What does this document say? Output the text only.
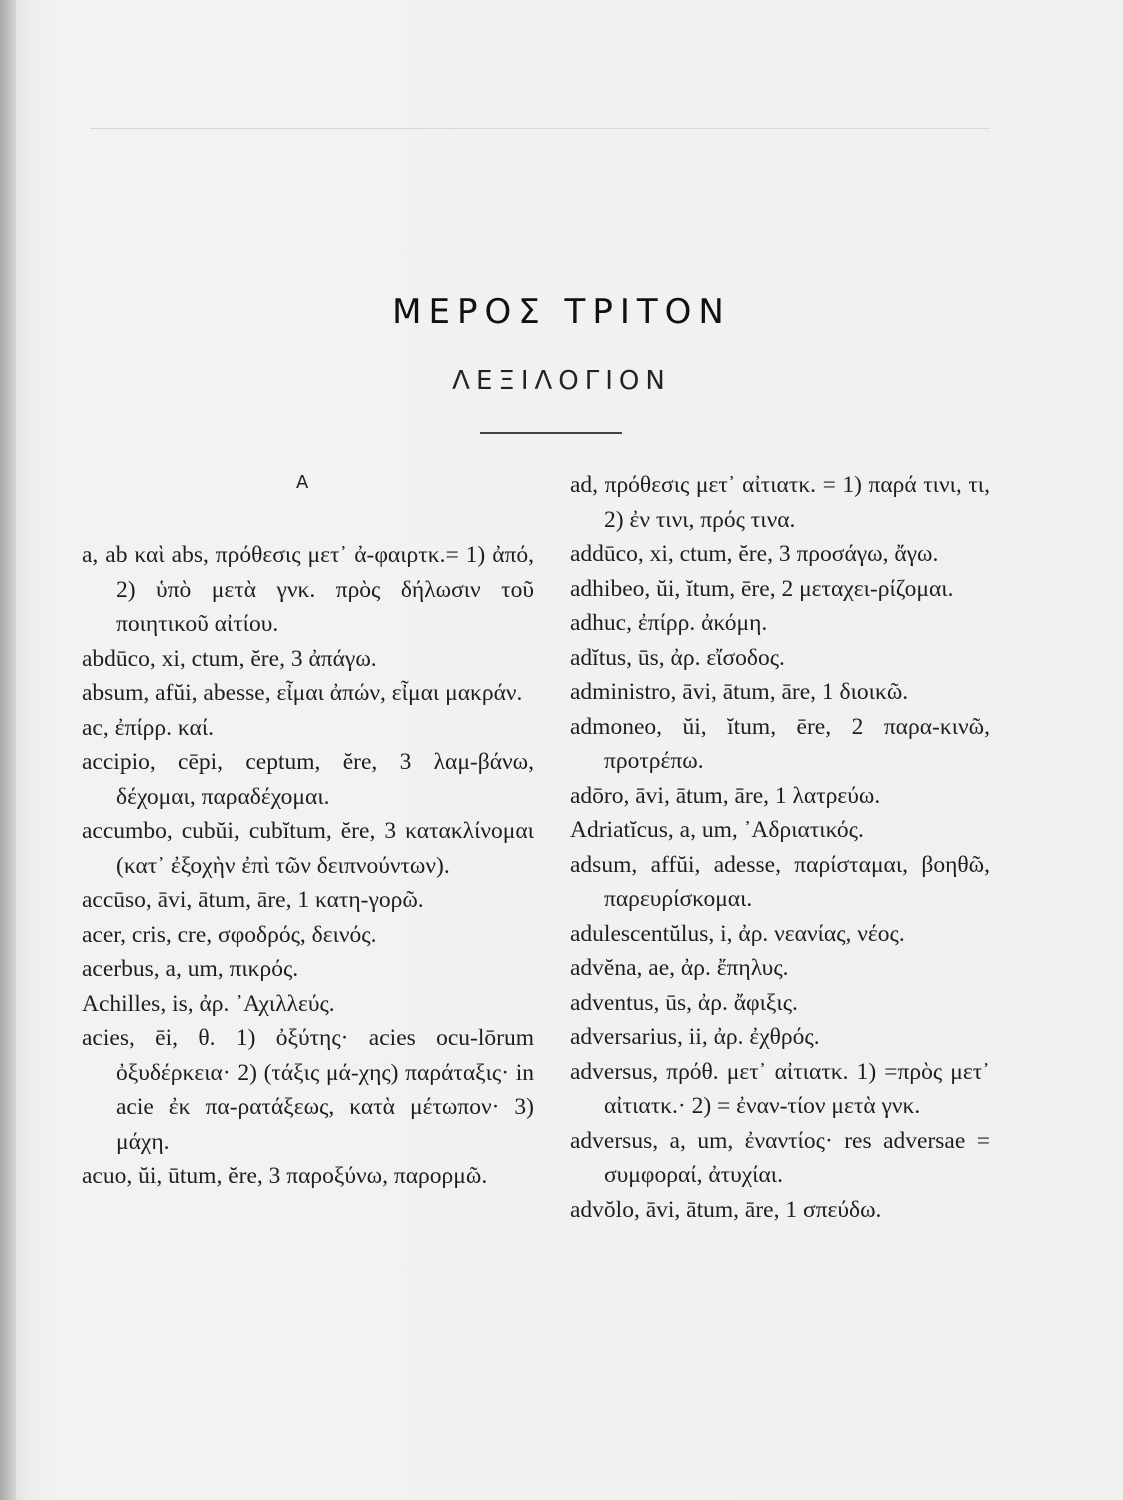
ΜΕΡΟΣ ΤΡΙΤΟΝ
ΛΕΞΙΛΟΓΙΟΝ
Α

a, ab καὶ abs, πρόθεσις μετ᾽ ἀ-φαιρτκ.= 1) ἀπό, 2) ὑπὸ μετὰ γνκ. πρὸς δήλωσιν τοῦ ποιητικοῦ αἰτίου.

abdūco, xi, ctum, ĕre, 3 ἀπάγω.

absum, afŭi, abesse, εἶμαι ἀπών, εἶμαι μακράν.

ac, ἐπίρρ. καί.

accipio, cēpi, ceptum, ĕre, 3 λαμ-βάνω, δέχομαι, παραδέχομαι.

accumbo, cubŭi, cubĭtum, ĕre, 3 κατακλίνομαι (κατ᾽ ἐξοχὴν ἐπὶ τῶν δειπνούντων).

accūso, āvi, ātum, āre, 1 κατη-γορῶ.

acer, cris, cre, σφοδρός, δεινός.

acerbus, a, um, πικρός.

Achilles, is, ἀρ. ᾿Αχιλλεύς.

acies, ēi, θ. 1) ὀξύτης· acies ocu-lōrum ὀξυδέρκεια· 2) (τάξις μά-χης) παράταξις· in acie ἐκ πα-ρατάξεως, κατὰ μέτωπον· 3) μάχη.

acuo, ŭi, ūtum, ĕre, 3 παροξύνω, παρορμῶ.

ad, πρόθεσις μετ᾽ αἰτιατκ. = 1) παρά τινι, τι, 2) ἐν τινι, πρός τινα.

addūco, xi, ctum, ĕre, 3 προσάγω, ἄγω.

adhibeo, ŭi, ĭtum, ēre, 2 μεταχει-ρίζομαι.

adhuc, ἐπίρρ. ἀκόμη.

adĭtus, ūs, ἀρ. εἴσοδος.

administro, āvi, ātum, āre, 1 διοικῶ.

admoneo, ŭi, ĭtum, ēre, 2 παρα-κινῶ, προτρέπω.

adōro, āvi, ātum, āre, 1 λατρεύω.

Adriatĭcus, a, um, ᾿Αδριατικός.

adsum, affŭi, adesse, παρίσταμαι, βοηθῶ, παρευρίσκομαι.

adulescentŭlus, i, ἀρ. νεανίας, νέος.

advĕna, ae, ἀρ. ἔπηλυς.

adventus, ūs, ἀρ. ἄφιξις.

adversarius, ii, ἀρ. ἐχθρός.

adversus, πρόθ. μετ᾽ αἰτιατκ. 1) =πρὸς μετ᾽ αἰτιατκ.· 2) = ἐναν-τίον μετὰ γνκ.

adversus, a, um, ἐναντίος· res adversae = συμφοραί, ἀτυχίαι.

advŏlo, āvi, ātum, āre, 1 σπεύδω.
